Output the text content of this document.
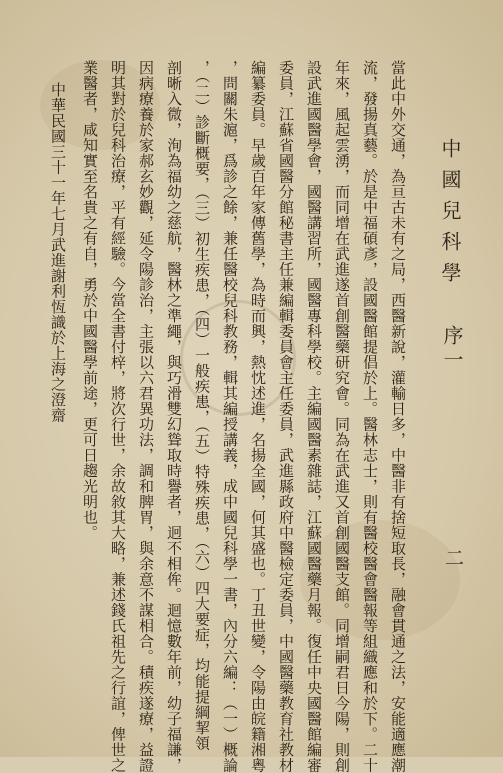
中國兒科學
序一
二
當此中外交通，為亘古未有之局，西醫新說，灌輸日多，中醫非有捨短取長，融會貫通之法，安能適應潮
流，發揚真藝。於是中福碩彥，設國醫館提倡於上。醫林志士，則有醫校醫會醫報等組織應和於下。二十
年來，風起雲湧，而同增在武進遂首創醫藥研究會。同為在武進又首創國醫支館。同增嗣君日今陽，則創
設武進國醫學會，國醫講習所，國醫專科學校。主編國醫素雜誌，江蘇國醫藥月報。復任中央國醫館編審
委員，江蘇省國醫分館秘書主任兼編輯委員會主任委員，武進縣政府中醫檢定委員，中國醫藥教育社教材
編纂委員。早歲百年家傳舊學，為時而興，熱忱述進，名揚全國，何其盛也。丁丑世變，令陽由皖籍湘粵
，問關朱滬，爲診之餘，兼任醫校兒科教務，輯其編授講義，成中國兒科學一書，內分六編：（一）概論
，（二）診斷概要，（三）初生疾患，（四）一般疾患，（五）特殊疾患，（六）四大要症，均能提綱挈領
剖晰入微，洵為福幼之慈航，醫林之準繩，與巧滑雙幻聳取時譽者，迥不相侔。迴憶數年前，幼子福謙，
因病療養於家郝玄妙觀，延令陽診治，主張以六君異功法，調和脾胃，與余意不謀相合。積疾遂療，益證
明其對於兒科治療，平有經驗。今當全書付梓，將次行世，余故敘其大略，兼述錢氏祖先之行誼，俾世之
業醫者，咸知實至名貴之有自，勇於中國醫學前途，更可日趨光明也。
中華民國三十一年七月武進謝利恆識於上海之澄齋
